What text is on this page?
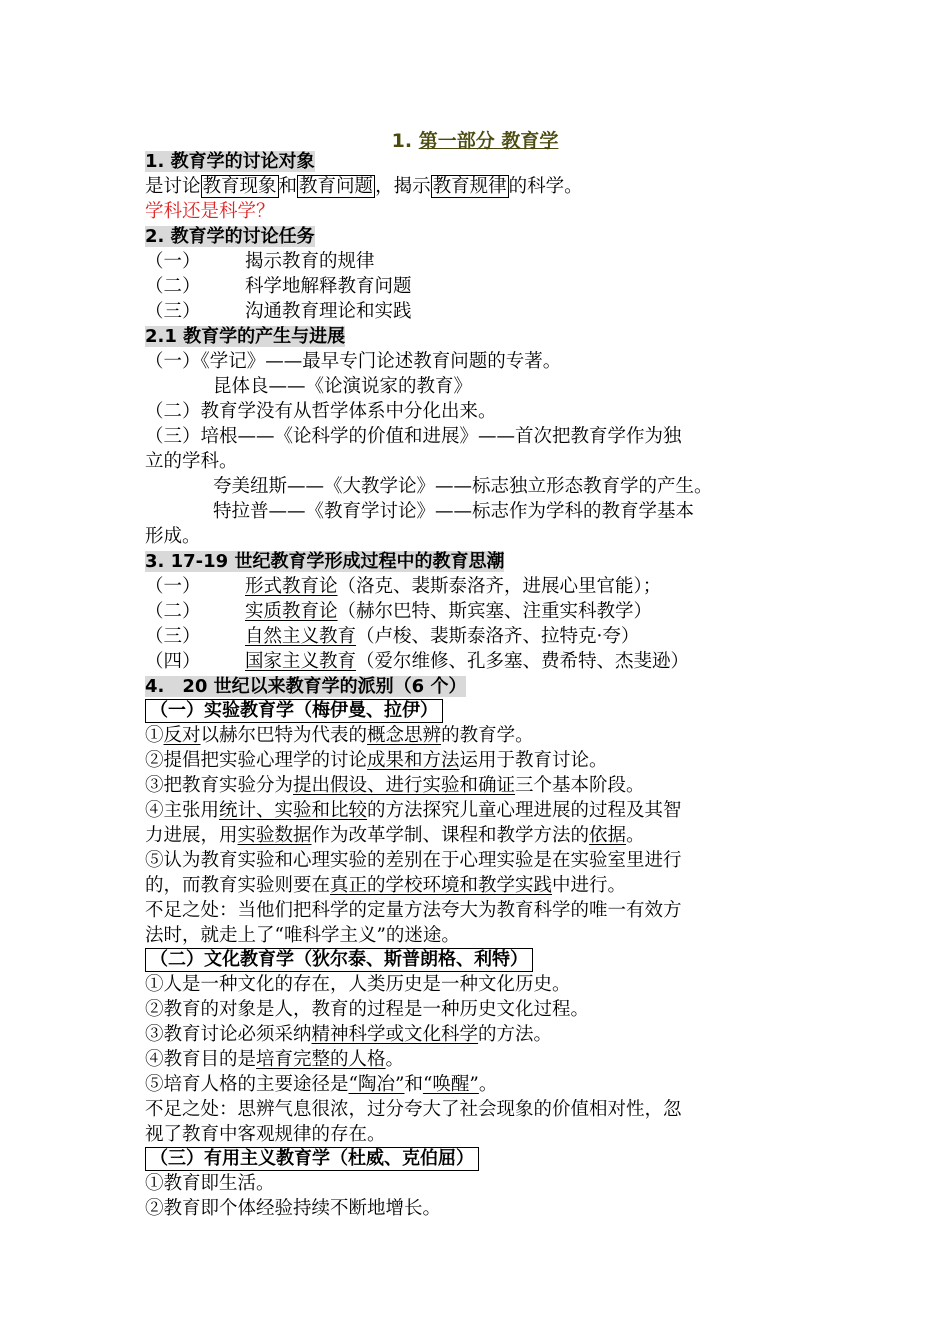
1. 第一部分 教育学
1. 教育学的讨论对象
是讨论 教育现象 和 教育问题 ，揭示 教育规律 的科学。
学科还是科学？
2. 教育学的讨论任务
（一） 揭示教育的规律
（二） 科学地解释教育问题
（三） 沟通教育理论和实践
2.1 教育学的产生与进展
（一）《学记》——最早专门论述教育问题的专著。
昆体良——《论演说家的教育》
（二）教育学没有从哲学体系中分化出来。
（三）培根——《论科学的价值和进展》——首次把教育学作为独
立的学科。
夸美纽斯——《大教学论》——标志独立形态教育学的产生。
特拉普——《教育学讨论》——标志作为学科的教育学基本
形成。
3. 17-19 世纪教育学形成过程中的教育思潮
（一） 形式教育论（洛克、裴斯泰洛齐，进展心里官能）；
（二） 实质教育论（赫尔巴特、斯宾塞、注重实科教学）
（三） 自然主义教育（卢梭、裴斯泰洛齐、拉特克·夸）
（四） 国家主义教育（爱尔维修、孔多塞、费希特、杰斐逊）
4.　20 世纪以来教育学的派别（6 个）
（一）实验教育学（梅伊曼、拉伊）
①反对以赫尔巴特为代表的概念思辨的教育学。
②提倡把实验心理学的讨论成果和方法运用于教育讨论。
③把教育实验分为提出假设、进行实验和确证三个基本阶段。
④主张用统计、实验和比较的方法探究儿童心理进展的过程及其智
力进展，用实验数据作为改革学制、课程和教学方法的依据。
⑤认为教育实验和心理实验的差别在于心理实验是在实验室里进行
的，而教育实验则要在真正的学校环境和教学实践中进行。
不足之处：当他们把科学的定量方法夸大为教育科学的唯一有效方
法时，就走上了“唯科学主义”的迷途。
（二）文化教育学（狄尔泰、斯普朗格、利特）
①人是一种文化的存在，人类历史是一种文化历史。
②教育的对象是人，教育的过程是一种历史文化过程。
③教育讨论必须采纳精神科学或文化科学的方法。
④教育目的是培育完整的人格。
⑤培育人格的主要途径是“陶冶”和“唤醒”。
不足之处：思辨气息很浓，过分夸大了社会现象的价值相对性，忽
视了教育中客观规律的存在。
（三）有用主义教育学（杜威、克伯屈）
①教育即生活。
②教育即个体经验持续不断地增长。
